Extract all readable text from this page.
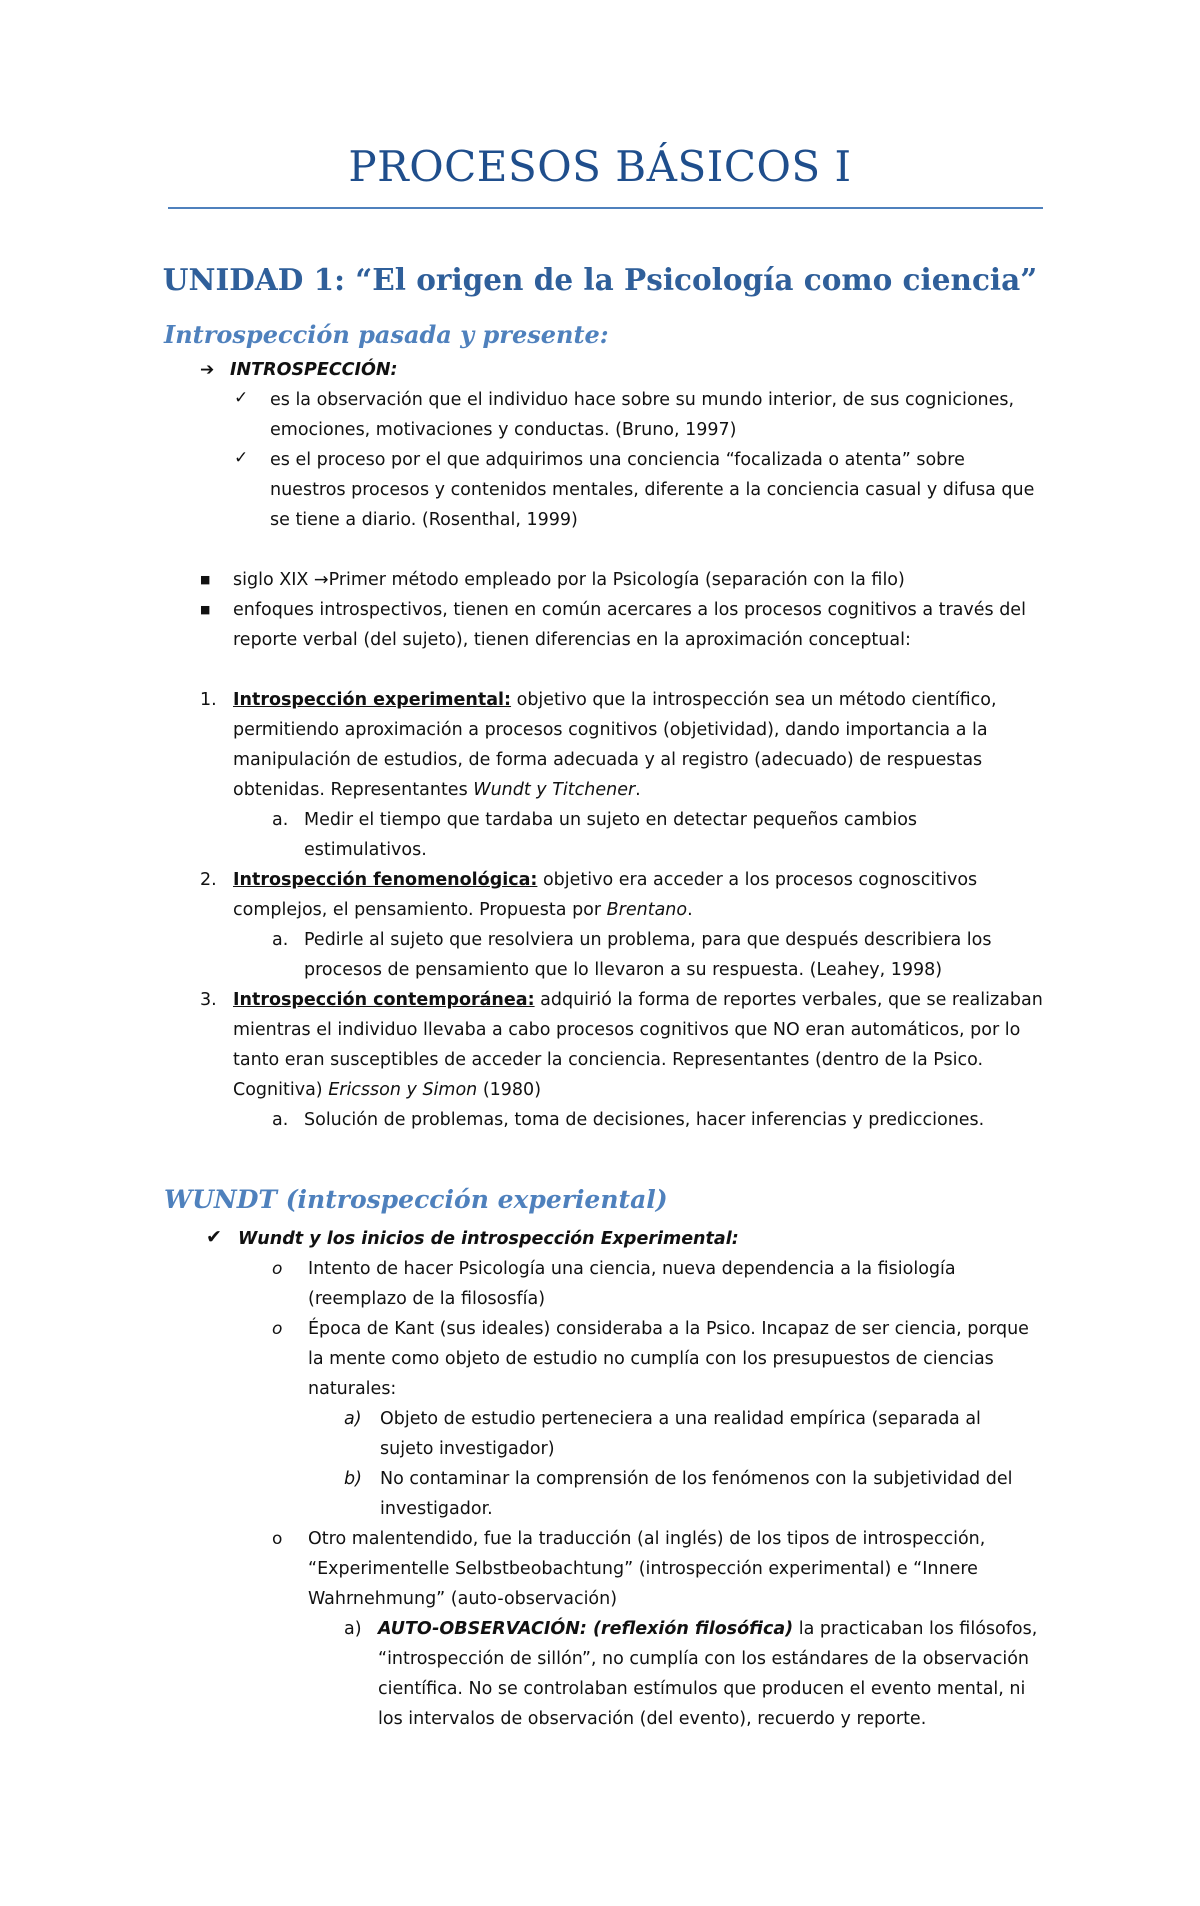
PROCESOS BÁSICOS I
UNIDAD 1: “El origen de la Psicología como ciencia”
Introspección pasada y presente:
➔ INTROSPECCIÓN:
✓ es la observación que el individuo hace sobre su mundo interior, de sus cogniciones,
emociones, motivaciones y conductas. (Bruno, 1997)
✓ es el proceso por el que adquirimos una conciencia “focalizada o atenta” sobre
nuestros procesos y contenidos mentales, diferente a la conciencia casual y difusa que
se tiene a diario. (Rosenthal, 1999)
■ siglo XIX →Primer método empleado por la Psicología (separación con la filo)
■ enfoques introspectivos, tienen en común acercares a los procesos cognitivos a través del
reporte verbal (del sujeto), tienen diferencias en la aproximación conceptual:
1. Introspección experimental: objetivo que la introspección sea un método científico,
permitiendo aproximación a procesos cognitivos (objetividad), dando importancia a la
manipulación de estudios, de forma adecuada y al registro (adecuado) de respuestas
obtenidas. Representantes Wundt y Titchener.
a. Medir el tiempo que tardaba un sujeto en detectar pequeños cambios
estimulativos.
2. Introspección fenomenológica: objetivo era acceder a los procesos cognoscitivos
complejos, el pensamiento. Propuesta por Brentano.
a. Pedirle al sujeto que resolviera un problema, para que después describiera los
procesos de pensamiento que lo llevaron a su respuesta. (Leahey, 1998)
3. Introspección contemporánea: adquirió la forma de reportes verbales, que se realizaban
mientras el individuo llevaba a cabo procesos cognitivos que NO eran automáticos, por lo
tanto eran susceptibles de acceder la conciencia. Representantes (dentro de la Psico.
Cognitiva) Ericsson y Simon (1980)
a. Solución de problemas, toma de decisiones, hacer inferencias y predicciones.
WUNDT (introspección experiental)
✔ Wundt y los inicios de introspección Experimental:
o Intento de hacer Psicología una ciencia, nueva dependencia a la fisiología
(reemplazo de la filososfía)
o Época de Kant (sus ideales) consideraba a la Psico. Incapaz de ser ciencia, porque
la mente como objeto de estudio no cumplía con los presupuestos de ciencias
naturales:
a) Objeto de estudio perteneciera a una realidad empírica (separada al
sujeto investigador)
b) No contaminar la comprensión de los fenómenos con la subjetividad del
investigador.
o Otro malentendido, fue la traducción (al inglés) de los tipos de introspección,
“Experimentelle Selbstbeobachtung” (introspección experimental) e “Innere
Wahrnehmung” (auto-observación)
a) AUTO-OBSERVACIÓN: (reflexión filosófica) la practicaban los filósofos,
“introspección de sillón”, no cumplía con los estándares de la observación
científica. No se controlaban estímulos que producen el evento mental, ni
los intervalos de observación (del evento), recuerdo y reporte.
